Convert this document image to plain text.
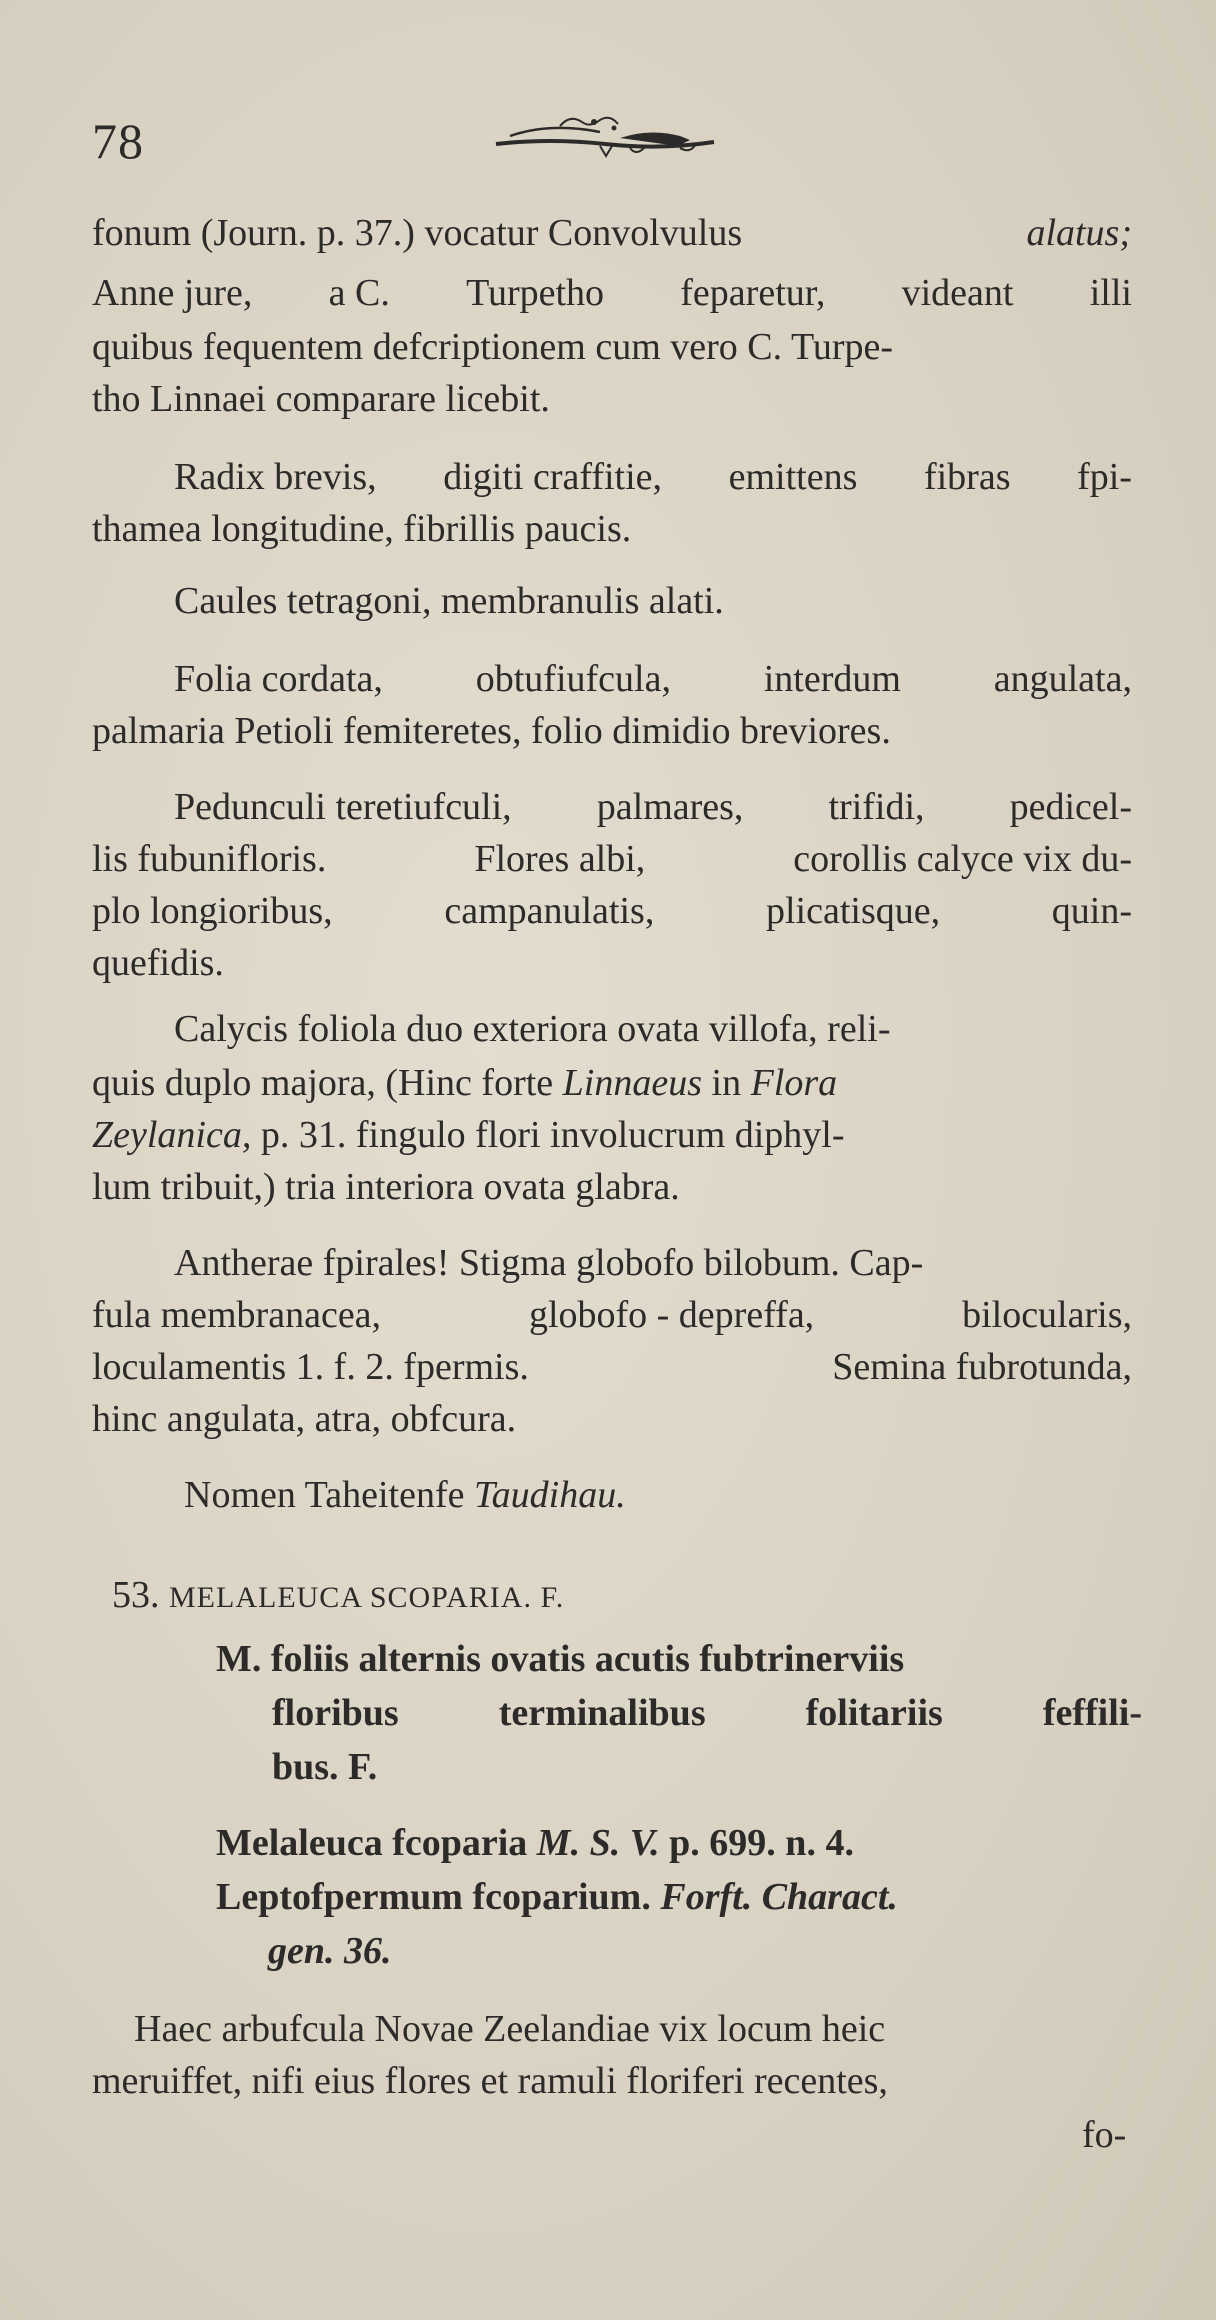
78
fonum (Journ. p. 37.) vocatur Convolvulus	alatus;
Anne jure, a C. Turpetho feparetur, videant illi
quibus fequentem defcriptionem cum vero C. Turpe-
tho Linnaei comparare licebit.
Radix brevis, digiti craffitie, emittens fibras fpi-
thamea longitudine, fibrillis paucis.
Caules tetragoni, membranulis alati.
Folia cordata, obtufiufcula, interdum angulata,
palmaria Petioli femiteretes, folio dimidio breviores.
Pedunculi teretiufculi, palmares, trifidi, pedicel-
lis fubunifloris.	Flores albi,	corollis calyce vix du-
plo longioribus,	campanulatis,	plicatisque,	quin-
quefidis.
Calycis foliola duo exteriora ovata villofa, reli-
quis duplo majora, (Hinc forte Linnaeus in Flora
Zeylanica, p. 31. fingulo flori involucrum diphyl-
lum tribuit,) tria interiora ovata glabra.
Antherae fpirales! Stigma globofo bilobum. Cap-
fula membranacea,	globofo - depreffa,	bilocularis,
loculamentis 1. f. 2. fpermis.	Semina fubrotunda,
hinc angulata, atra, obfcura.
Nomen Taheitenfe Taudihau.
53. MELALEUCA SCOPARIA. F.
M. foliis alternis ovatis acutis fubtrinerviis
floribus	terminalibus	folitariis	feffili-
bus. F.
Melaleuca fcoparia M. S. V. p. 699. n. 4.
Leptofpermum fcoparium. Forft. Charact.
gen. 36.
Haec arbufcula Novae Zeelandiae vix locum heic
meruiffet, nifi eius flores et ramuli floriferi recentes,
fo-
